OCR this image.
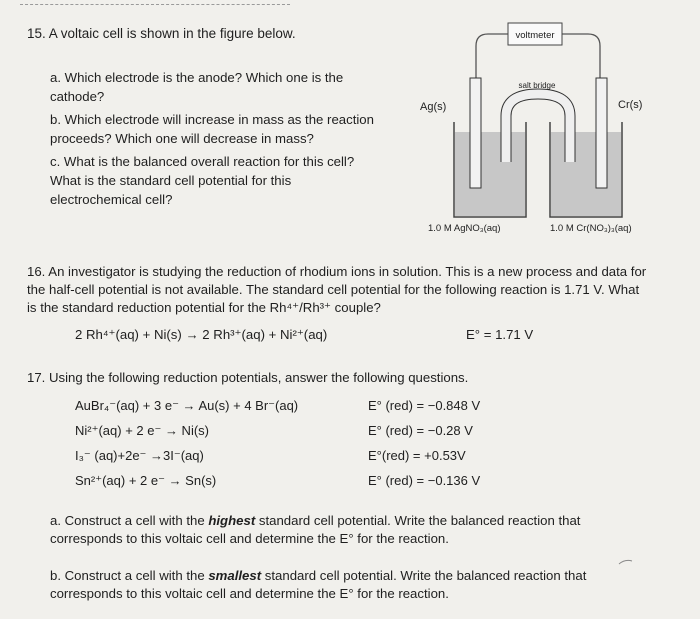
15. A voltaic cell is shown in the figure below.
a. Which electrode is the anode? Which one is the
cathode?
b. Which electrode will increase in mass as the reaction
proceeds? Which one will decrease in mass?
c. What is the balanced overall reaction for this cell?
What is the standard cell potential for this
electrochemical cell?
voltmeter
salt bridge
Ag(s)	Cr(s)
1.0 M AgNO₃(aq)	1.0 M Cr(NO₃)₃(aq)
16. An investigator is studying the reduction of rhodium ions in solution. This is a new process and data for
the half-cell potential is not available. The standard cell potential for the following reaction is 1.71 V. What
is the standard reduction potential for the Rh⁴⁺/Rh³⁺ couple?
2 Rh⁴⁺(aq) + Ni(s) → 2 Rh³⁺(aq) + Ni²⁺(aq)	E° = 1.71 V
17. Using the following reduction potentials, answer the following questions.
AuBr₄⁻(aq) + 3 e⁻ → Au(s) + 4 Br⁻(aq)	E° (red) = −0.848 V
Ni²⁺(aq) + 2 e⁻ → Ni(s)	E° (red) = −0.28 V
I₃⁻ (aq)+2e⁻ →3I⁻(aq)	E°(red) = +0.53V
Sn²⁺(aq) + 2 e⁻ → Sn(s)	E° (red) = −0.136 V
a. Construct a cell with the highest standard cell potential. Write the balanced reaction that
corresponds to this voltaic cell and determine the E° for the reaction.
b. Construct a cell with the smallest standard cell potential. Write the balanced reaction that
corresponds to this voltaic cell and determine the E° for the reaction.
